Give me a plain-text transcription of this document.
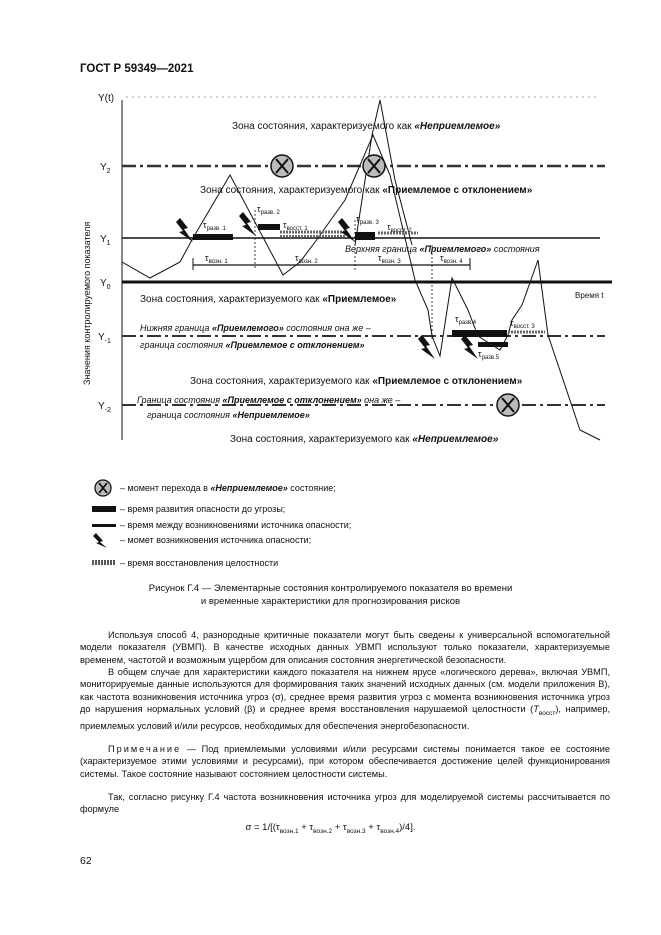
ГОСТ Р 59349—2021
Y(t)
Значения контролируемого показателя
$Y_2$
$Y_1$
$Y_0$
$Y_{-1}$
$Y_{-2}$
Время t
Зона состояния, характеризуемого как «Неприемлемое»
Зона состояния, характеризуемого как «Приемлемое с отклонением»
Зона состояния, характеризуемого как «Приемлемое»
Зона состояния, характеризуемого как «Приемлемое с отклонением»
Зона состояния, характеризуемого как «Неприемлемое»
Верхняя граница «Приемлемого» состояния
Нижняя граница «Приемлемого» состояния она же –
граница состояния «Приемлемое с отклонением»
Граница состояния «Приемлемое с отклонением» она же –
граница состояния «Неприемлемое»
$\tau_{разв. 1}$
$\tau_{разв. 2}$
$\tau_{разв. 3}$
$\tau_{разв.4}$
$\tau_{разв.5}$
$\tau_{восст. 1}$	$\tau_{восст. 2}$
$\tau_{восст. 3}$
$\tau_{возн. 1}$	$\tau_{возн. 2}$	$\tau_{возн. 3}$	$\tau_{возн. 4}$
– момент перехода в «Неприемлемое» состояние;
– время развития опасности до угрозы;
– время между возникновениями источника опасности;
– момет возникновения источника опасности;
– время восстановления целостности
Рисунок Г.4 — Элементарные состояния контролируемого показателя во времени
и временные характеристики для прогнозирования рисков
Используя способ 4, разнородные критичные показатели могут быть сведены к универсальной вспомогательной модели показателя (УВМП). В качестве исходных данных УВМП используют только показатели, характеризуемые временем, частотой и возможным ущербом для описания состояния энергетической безопасности.
В общем случае для характеристики каждого показателя на нижнем ярусе «логического дерева», включая УВМП, мониторируемые данные используются для формирования таких значений исходных данных (см. модели приложения В), как частота возникновения источника угроз (σ), среднее время развития угроз с момента возникновения источника угроз до нарушения нормальных условий (β) и среднее время восстановления нарушаемой целостности $(T_{восст})$, например, приемлемых условий и/или ресурсов, необходимых для обеспечения энергобезопасности.
Примечание — Под приемлемыми условиями и/или ресурсами системы понимается такое ее состояние (характеризуемое этими условиями и ресурсами), при котором обеспечивается достижение целей функционирования системы. Такое состояние называют состоянием целостности системы.
Так, согласно рисунку Г.4 частота возникновения источника угроз для моделируемой системы рассчитывается по формуле
$\sigma = 1/[(\tau_{возн.1} + \tau_{возн.2} + \tau_{возн.3} + \tau_{возн.4})/4]$.
62
